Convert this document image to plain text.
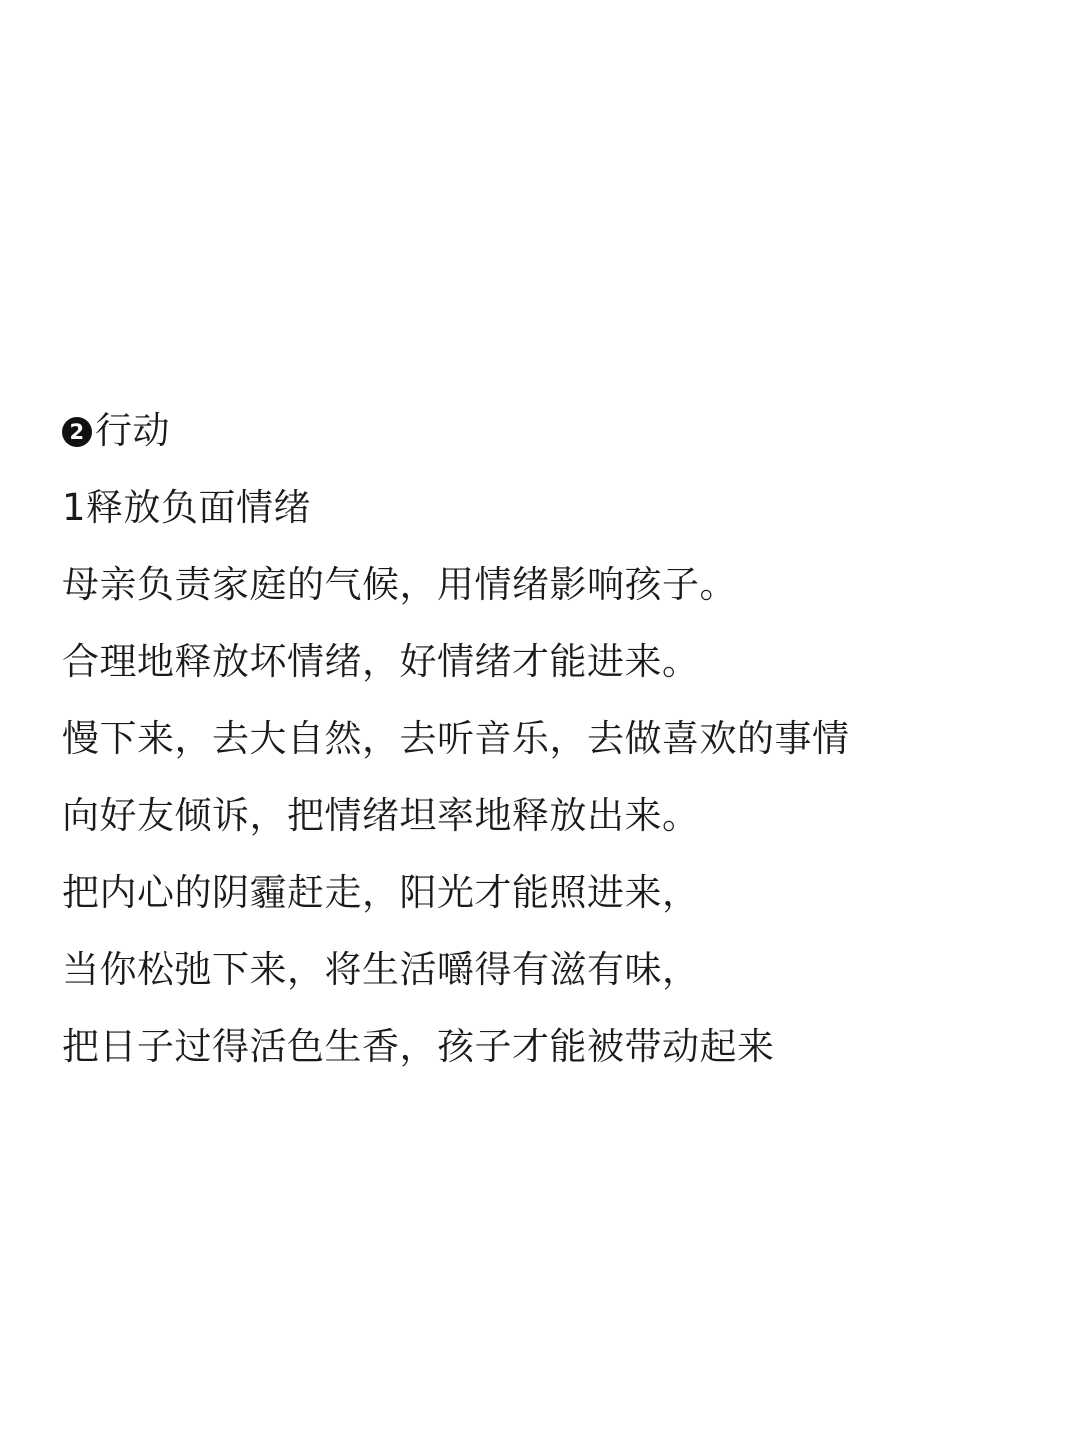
2 行动
1释放负面情绪
母亲负责家庭的气候，用情绪影响孩子。
合理地释放坏情绪，好情绪才能进来。
慢下来，去大自然，去听音乐，去做喜欢的事情
向好友倾诉，把情绪坦率地释放出来。
把内心的阴霾赶走，阳光才能照进来，
当你松弛下来，将生活嚼得有滋有味，
把日子过得活色生香，孩子才能被带动起来
